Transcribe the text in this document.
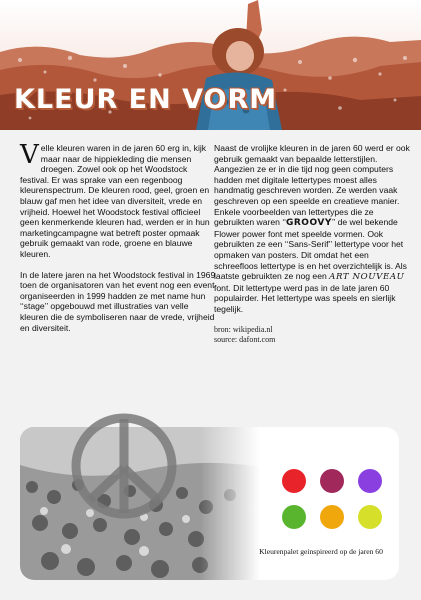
KLEUR EN VORM

Velle kleuren waren in de jaren 60 erg in, kijk maar naar de hippiekleding die mensen droegen. Zowel ook op het Woodstock festival. Er was sprake van een regenboog kleurenspectrum. De kleuren rood, geel, groen en blauw gaf men het idee van diversiteit, vrede en vrijheid. Hoewel het Woodstock festival officieel geen kenmerkende kleuren had, werden er in hun marketingcampagne wat betreft poster opmaak gebruik gemaakt van rode, groene en blauwe kleuren.

In de latere jaren na het Woodstock festival in 1969 toen de organisatoren van het event nog een event organiseerden in 1999 hadden ze met name hun ‘‘stage’’ opgebouwd met illustraties van velle kleuren die de symboliseren naar de vrede, vrijheid en diversiteit.

Naast de vrolijke kleuren in de jaren 60 werd er ook gebruik gemaakt van bepaalde letterstijlen. Aangezien ze er in die tijd nog geen computers hadden met digitale lettertypes moest alles handmatig geschreven worden. Ze werden vaak geschreven op een speelde en creatieve manier. Enkele voorbeelden van lettertypes die ze gebruikten waren ‘‘GROOVY’’ de wel bekende Flower power font met speelde vormen. Ook gebruikten ze een ‘‘Sans-Serif’’ lettertype voor het opmaken van posters. Dit omdat het een schreefloos lettertype is en het overzichtelijk is. Als laatste gebruikten ze nog een ART NOUVEAU font. Dit lettertype werd pas in de late jaren 60 populairder. Het lettertype was speels en sierlijk tegelijk.

bron: wikipedia.nl
source: dafont.com
Kleurenpalet geinspireerd op de jaren 60
